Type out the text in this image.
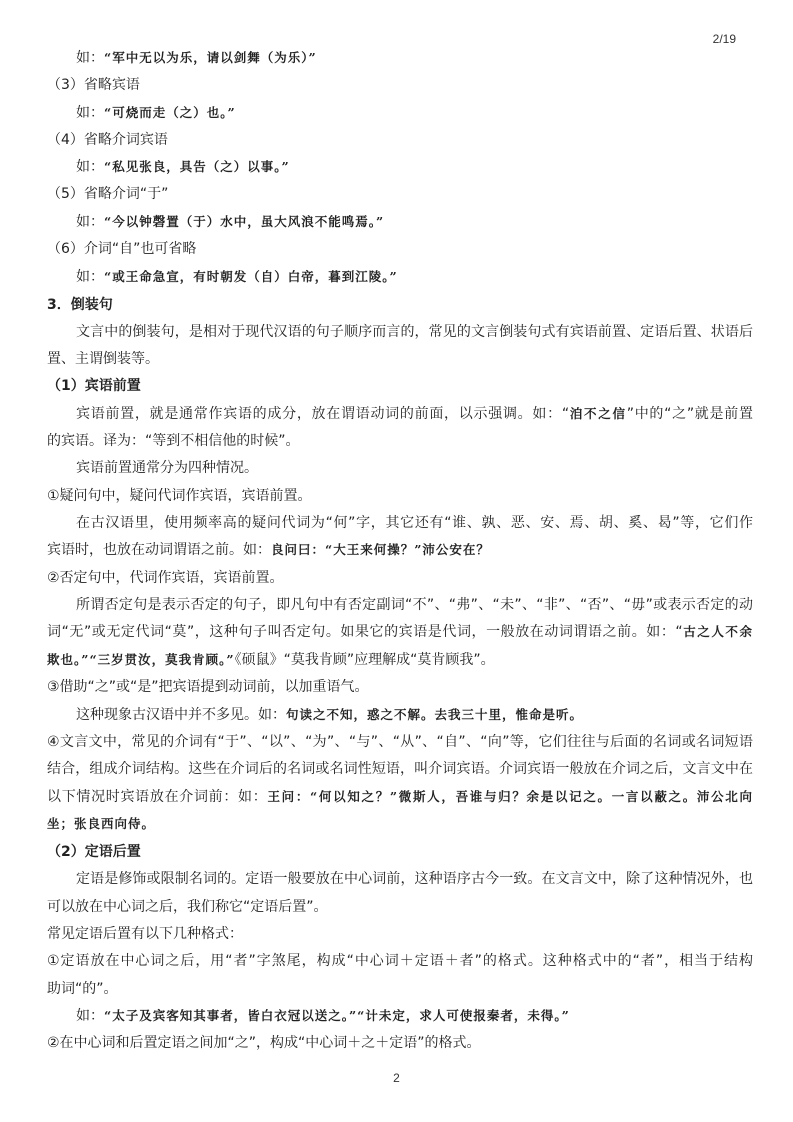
2/19
如：“军中无以为乐，请以剑舞（为乐）”
（3）省略宾语
如：“可烧而走（之）也。”
（4）省略介词宾语
如：“私见张良，具告（之）以事。”
（5）省略介词“于”
如：“今以钟磬置（于）水中，虽大风浪不能鸣焉。”
（6）介词“自”也可省略
如：“或王命急宣，有时朝发（自）白帝，暮到江陵。”
3．倒装句
文言中的倒装句，是相对于现代汉语的句子顺序而言的，常见的文言倒装句式有宾语前置、定语后置、状语后
置、主谓倒装等。
（1）宾语前置
宾语前置，就是通常作宾语的成分，放在谓语动词的前面，以示强调。如：“洎不之信”中的“之”就是前置
的宾语。译为：“等到不相信他的时候”。
宾语前置通常分为四种情况。
①疑问句中，疑问代词作宾语，宾语前置。
在古汉语里，使用频率高的疑问代词为“何”字，其它还有“谁、孰、恶、安、焉、胡、奚、曷”等，它们作
宾语时，也放在动词谓语之前。如：良问曰：“大王来何操？”沛公安在？
②否定句中，代词作宾语，宾语前置。
所谓否定句是表示否定的句子，即凡句中有否定副词“不”、“弗”、“未”、“非”、“否”、“毋”或表示否定的动
词“无”或无定代词“莫”，这种句子叫否定句。如果它的宾语是代词，一般放在动词谓语之前。如：“古之人不余
欺也。”“三岁贯汝，莫我肯顾。”《硕鼠》“莫我肯顾”应理解成“莫肯顾我”。
③借助“之”或“是”把宾语提到动词前，以加重语气。
这种现象古汉语中并不多见。如：句读之不知，惑之不解。去我三十里，惟命是听。
④文言文中，常见的介词有“于”、“以”、“为”、“与”、“从”、“自”、“向”等，它们往往与后面的名词或名词短语
结合，组成介词结构。这些在介词后的名词或名词性短语，叫介词宾语。介词宾语一般放在介词之后，文言文中在
以下情况时宾语放在介词前：如：王问：“何以知之？”微斯人，吾谁与归？余是以记之。一言以蔽之。沛公北向
坐；张良西向侍。
（2）定语后置
定语是修饰或限制名词的。定语一般要放在中心词前，这种语序古今一致。在文言文中，除了这种情况外，也
可以放在中心词之后，我们称它“定语后置”。
常见定语后置有以下几种格式：
①定语放在中心词之后，用“者”字煞尾，构成“中心词＋定语＋者”的格式。这种格式中的“者”，相当于结构
助词“的”。
如：“太子及宾客知其事者，皆白衣冠以送之。”“计未定，求人可使报秦者，未得。”
②在中心词和后置定语之间加“之”，构成“中心词＋之＋定语”的格式。
2
